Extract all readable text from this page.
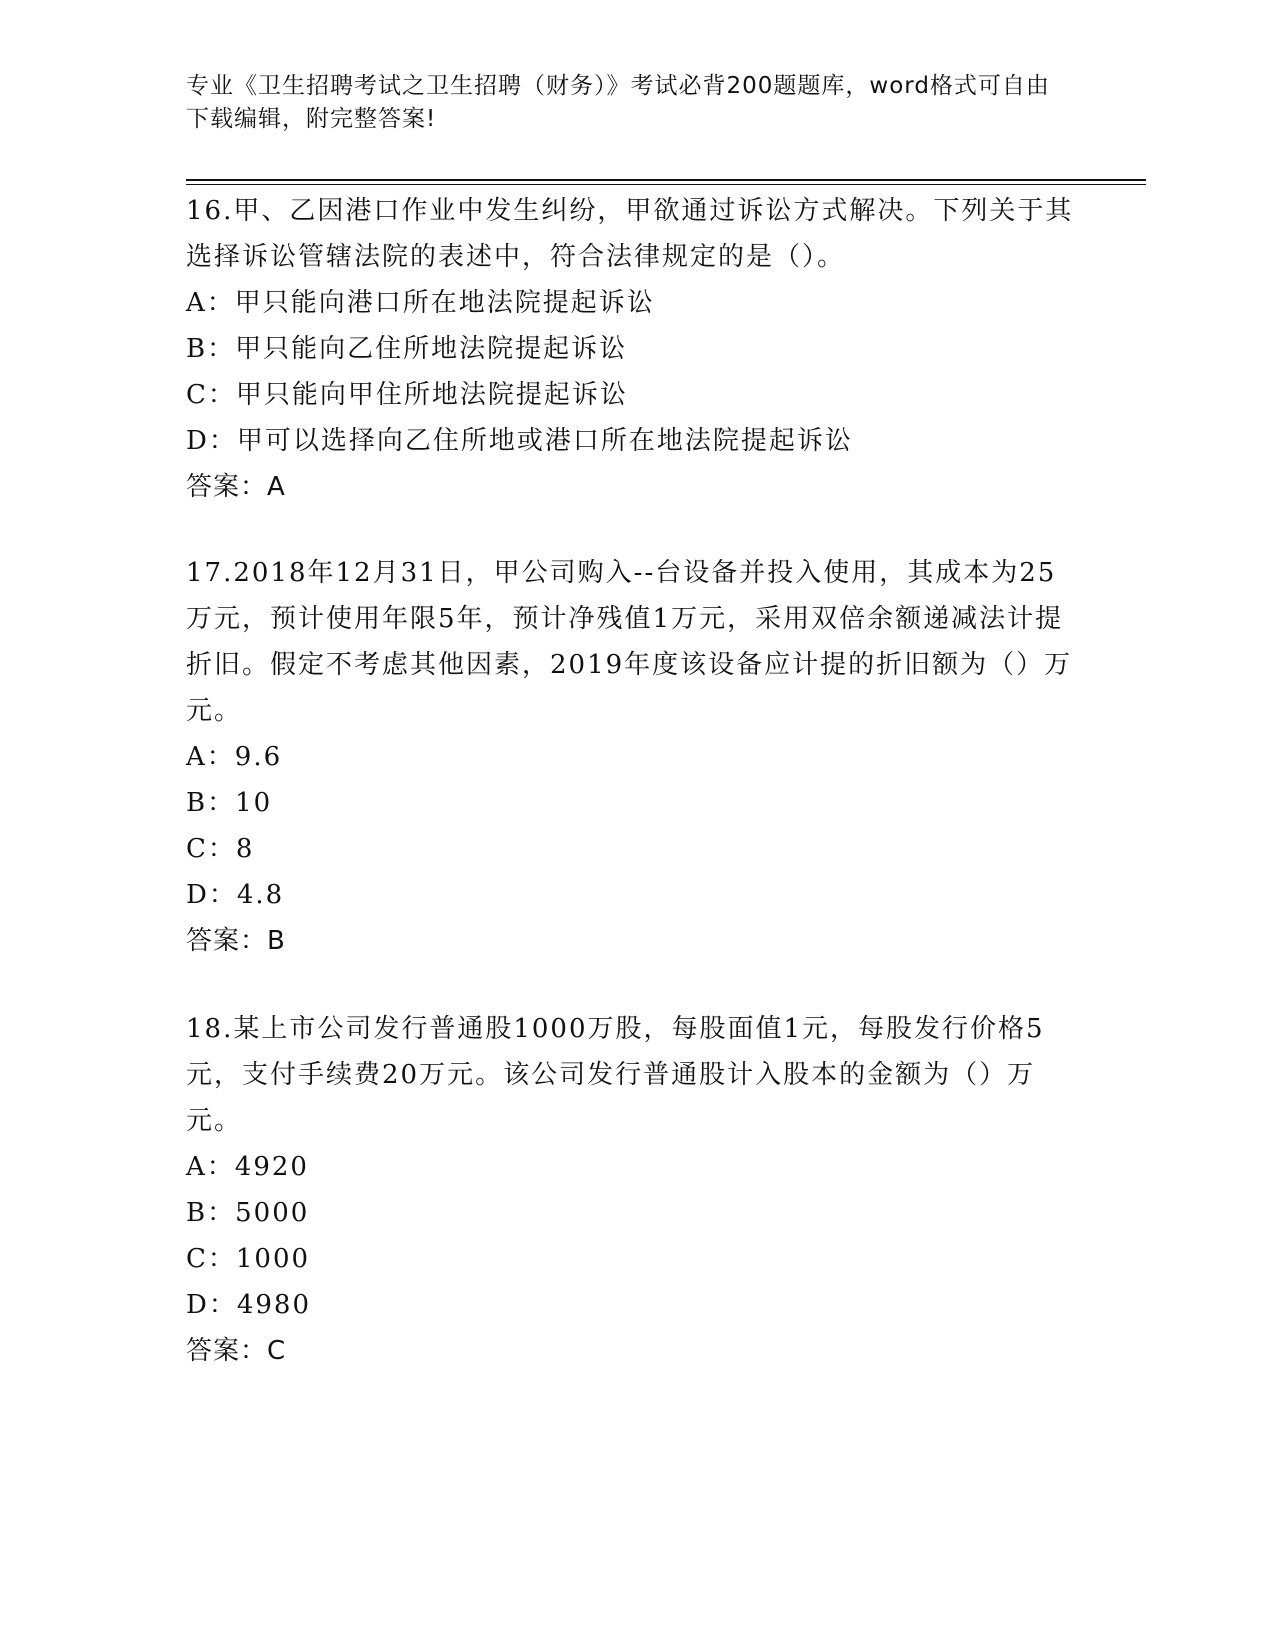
专业《卫生招聘考试之卫生招聘（财务）》考试必背200题题库，word格式可自由下载编辑，附完整答案!
16.甲、乙因港口作业中发生纠纷，甲欲通过诉讼方式解决。下列关于其选择诉讼管辖法院的表述中，符合法律规定的是（）。
A：甲只能向港口所在地法院提起诉讼
B：甲只能向乙住所地法院提起诉讼
C：甲只能向甲住所地法院提起诉讼
D：甲可以选择向乙住所地或港口所在地法院提起诉讼
答案：A
17.2018年12月31日，甲公司购入--台设备并投入使用，其成本为25万元，预计使用年限5年，预计净残值1万元，采用双倍余额递减法计提折旧。假定不考虑其他因素，2019年度该设备应计提的折旧额为（）万元。
A：9.6
B：10
C：8
D：4.8
答案：B
18.某上市公司发行普通股1000万股，每股面值1元，每股发行价格5元，支付手续费20万元。该公司发行普通股计入股本的金额为（）万元。
A：4920
B：5000
C：1000
D：4980
答案：C
